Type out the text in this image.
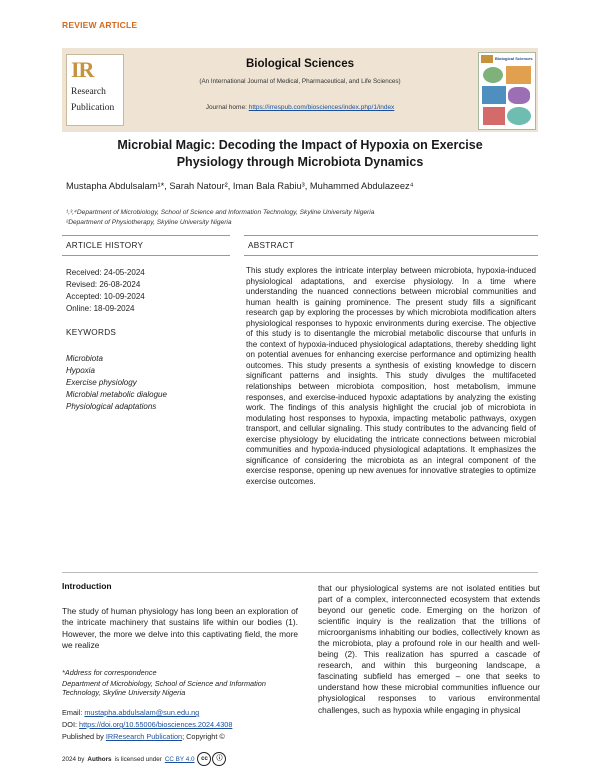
REVIEW ARTICLE
IR
Research
Publication
Biological Sciences
(An International Journal of Medical, Pharmaceutical, and Life Sciences)
Journal home: https://irrespub.com/biosciences/index.php/1/index
Biological Sciences
Microbial Magic: Decoding the Impact of Hypoxia on Exercise
Physiology through Microbiota Dynamics
Mustapha Abdulsalam¹*, Sarah Natour², Iman Bala Rabiu³, Muhammed Abdulazeez⁴
¹,³,⁴Department of Microbiology, School of Science and Information Technology, Skyline University Nigeria
²Department of Physiotherapy, Skyline University Nigeria
ARTICLE HISTORY	ABSTRACT
Received: 24-05-2024
Revised: 26-08-2024
Accepted: 10-09-2024
Online: 18-09-2024
KEYWORDS
Microbiota
Hypoxia
Exercise physiology
Microbial metabolic dialogue
Physiological adaptations
This study explores the intricate interplay between microbiota, hypoxia-induced physiological adaptations, and exercise physiology. In a time where understanding the nuanced connections between microbial communities and human health is gaining prominence. The present study fills a significant research gap by exploring the processes by which microbiota modification alters physiological responses to hypoxic environments during exercise. The objective of this study is to disentangle the microbial metabolic discourse that unfurls in the context of hypoxia-induced physiological adaptations, thereby shedding light on potential avenues for enhancing exercise performance and optimizing health outcomes. This study presents a synthesis of existing knowledge to discern significant patterns and insights. This study divulges the multifaceted relationships between microbiota composition, host metabolism, immune responses, and exercise-induced hypoxic adaptations by analyzing the existing work. The findings of this analysis highlight the crucial job of microbiota in modulating host responses to hypoxia, impacting metabolic pathways, oxygen transport, and cellular signaling. This study contributes to the advancing field of exercise physiology by elucidating the intricate connections between microbial communities and hypoxia-induced physiological adaptations. It emphasizes the significance of considering the microbiota as an integral component of the exercise response, opening up new avenues for innovative strategies to optimize exercise outcomes.
Introduction
The study of human physiology has long been an exploration of the intricate machinery that sustains life within our bodies (1). However, the more we delve into this captivating field, the more we realize
that our physiological systems are not isolated entities but part of a complex, interconnected ecosystem that extends beyond our genetic code. Emerging on the horizon of scientific inquiry is the realization that the trillions of microorganisms inhabiting our bodies, collectively known as the microbiota, play a profound role in our health and well-being (2). This realization has spurred a cascade of research, and within this burgeoning landscape, a fascinating subfield has emerged – one that seeks to understand how these microbial communities influence our physiological responses to various environmental challenges, such as hypoxia while engaging in physical
*Address for correspondence
Department of Microbiology, School of Science and Information Technology, Skyline University Nigeria
Email: mustapha.abdulsalam@sun.edu.ng
DOI: https://doi.org/10.55006/biosciences.2024.4308
Published by IRResearch Publication; Copyright ©
2024 by Authors is licensed under CC BY 4.0	cc	ⓘ
